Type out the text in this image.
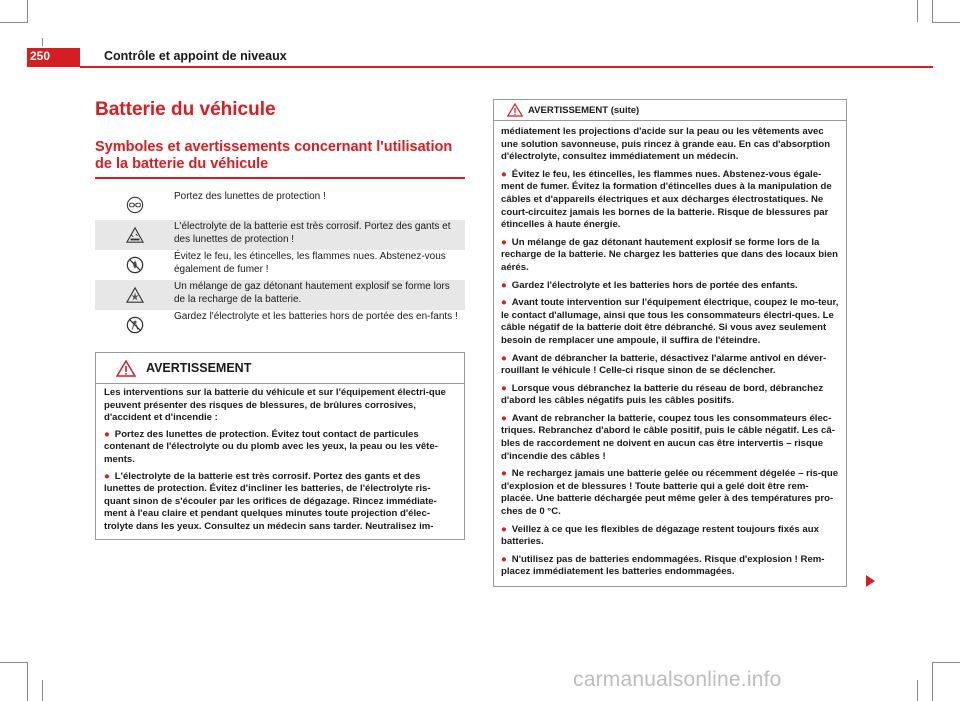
250	Contrôle et appoint de niveaux
Batterie du véhicule
Symboles et avertissements concernant l'utilisation de la batterie du véhicule
Portez des lunettes de protection !
L'électrolyte de la batterie est très corrosif. Portez des gants et des lunettes de protection !
Évitez le feu, les étincelles, les flammes nues. Abstenez-vous également de fumer !
Un mélange de gaz détonant hautement explosif se forme lors de la recharge de la batterie.
Gardez l'électrolyte et les batteries hors de portée des en-fants !
AVERTISSEMENT

Les interventions sur la batterie du véhicule et sur l'équipement électri-que peuvent présenter des risques de blessures, de brûlures corrosives, d'accident et d'incendie :

● Portez des lunettes de protection. Évitez tout contact de particules contenant de l'électrolyte ou du plomb avec les yeux, la peau ou les vête-ments.

● L'électrolyte de la batterie est très corrosif. Portez des gants et des lunettes de protection. Évitez d'incliner les batteries, de l'électrolyte ris-quant sinon de s'écouler par les orifices de dégazage. Rincez immédiate-ment à l'eau claire et pendant quelques minutes toute projection d'élec-trolyte dans les yeux. Consultez un médecin sans tarder. Neutralisez im-

AVERTISSEMENT (suite)

médiatement les projections d'acide sur la peau ou les vêtements avec une solution savonneuse, puis rincez à grande eau. En cas d'absorption d'électrolyte, consultez immédiatement un médecin.

● Évitez le feu, les étincelles, les flammes nues. Abstenez-vous égale-ment de fumer. Évitez la formation d'étincelles dues à la manipulation de câbles et d'appareils électriques et aux décharges électrostatiques. Ne court-circuitez jamais les bornes de la batterie. Risque de blessures par étincelles à haute énergie.

● Un mélange de gaz détonant hautement explosif se forme lors de la recharge de la batterie. Ne chargez les batteries que dans des locaux bien aérés.

● Gardez l'électrolyte et les batteries hors de portée des enfants.

● Avant toute intervention sur l'équipement électrique, coupez le mo-teur, le contact d'allumage, ainsi que tous les consommateurs électri-ques. Le câble négatif de la batterie doit être débranché. Si vous avez seulement besoin de remplacer une ampoule, il suffira de l'éteindre.

● Avant de débrancher la batterie, désactivez l'alarme antivol en déver-rouillant le véhicule ! Celle-ci risque sinon de se déclencher.

● Lorsque vous débranchez la batterie du réseau de bord, débranchez d'abord les câbles négatifs puis les câbles positifs.

● Avant de rebrancher la batterie, coupez tous les consommateurs élec-triques. Rebranchez d'abord le câble positif, puis le câble négatif. Les câ-bles de raccordement ne doivent en aucun cas être intervertis – risque d'incendie des câbles !

● Ne rechargez jamais une batterie gelée ou récemment dégelée – ris-que d'explosion et de blessures ! Toute batterie qui a gelé doit être rem-placée. Une batterie déchargée peut même geler à des températures pro-ches de 0 °C.

● Veillez à ce que les flexibles de dégazage restent toujours fixés aux batteries.

● N'utilisez pas de batteries endommagées. Risque d'explosion ! Rem-placez immédiatement les batteries endommagées.

carmanualsonline.info
